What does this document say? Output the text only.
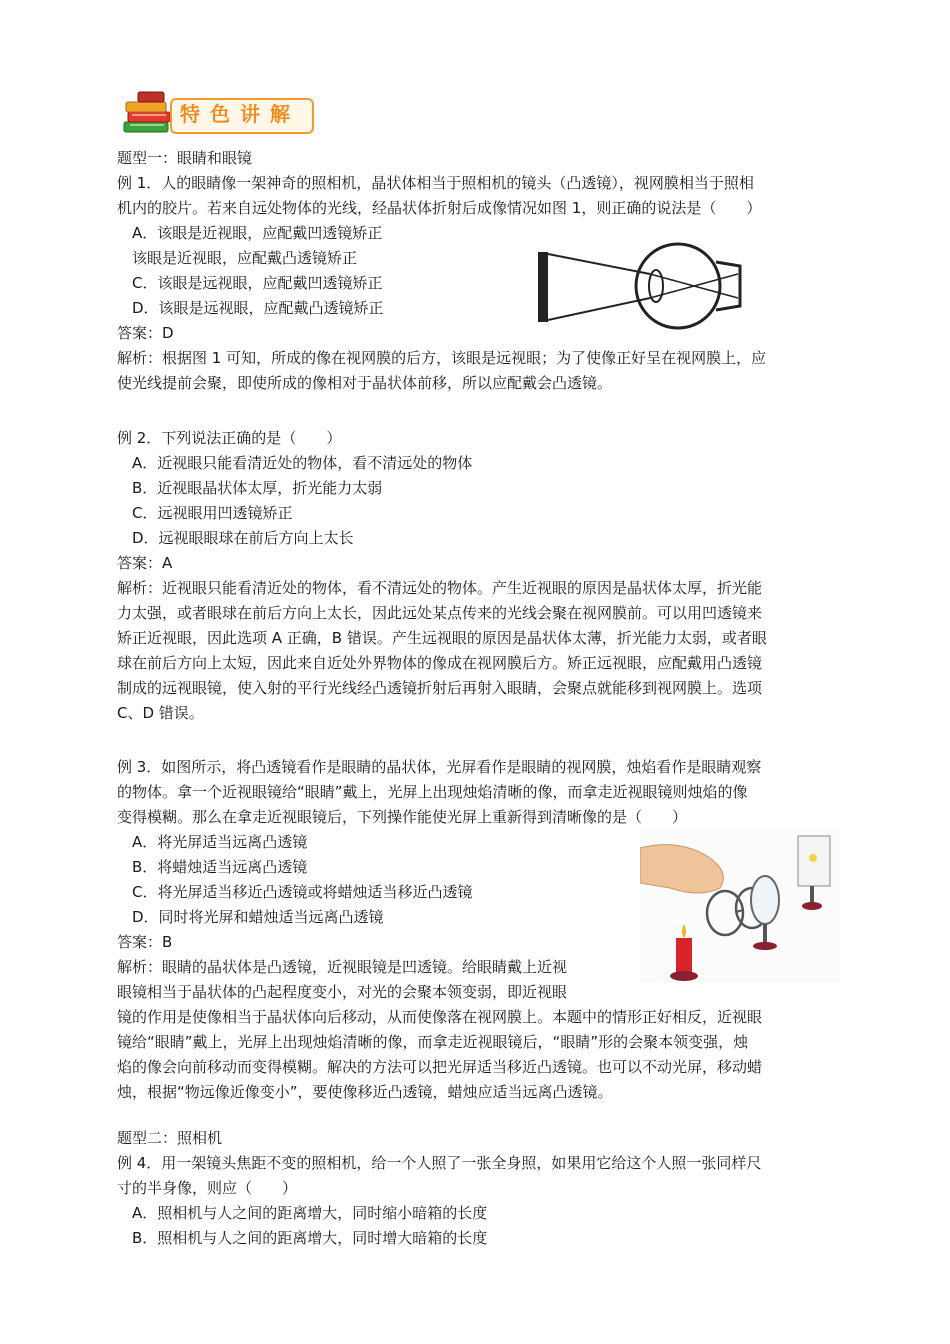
特色讲解
题型一：眼睛和眼镜
例 1．人的眼睛像一架神奇的照相机，晶状体相当于照相机的镜头（凸透镜），视网膜相当于照相
机内的胶片。若来自远处物体的光线，经晶状体折射后成像情况如图 1，则正确的说法是（　　）
A．该眼是近视眼，应配戴凹透镜矫正
该眼是近视眼，应配戴凸透镜矫正
C．该眼是远视眼，应配戴凹透镜矫正
D．该眼是远视眼，应配戴凸透镜矫正
答案：D
解析：根据图 1 可知，所成的像在视网膜的后方，该眼是远视眼；为了使像正好呈在视网膜上，应
使光线提前会聚，即使所成的像相对于晶状体前移，所以应配戴会凸透镜。
例 2．下列说法正确的是（　　）
A．近视眼只能看清近处的物体，看不清远处的物体
B．近视眼晶状体太厚，折光能力太弱
C．远视眼用凹透镜矫正
D．远视眼眼球在前后方向上太长
答案：A
解析：近视眼只能看清近处的物体，看不清远处的物体。产生近视眼的原因是晶状体太厚，折光能
力太强，或者眼球在前后方向上太长，因此远处某点传来的光线会聚在视网膜前。可以用凹透镜来
矫正近视眼，因此选项 A 正确，B 错误。产生远视眼的原因是晶状体太薄，折光能力太弱，或者眼
球在前后方向上太短，因此来自近处外界物体的像成在视网膜后方。矫正远视眼，应配戴用凸透镜
制成的远视眼镜，使入射的平行光线经凸透镜折射后再射入眼睛，会聚点就能移到视网膜上。选项
C、D 错误。
例 3．如图所示，将凸透镜看作是眼睛的晶状体，光屏看作是眼睛的视网膜，烛焰看作是眼睛观察
的物体。拿一个近视眼镜给“眼睛”戴上，光屏上出现烛焰清晰的像，而拿走近视眼镜则烛焰的像
变得模糊。那么在拿走近视眼镜后，下列操作能使光屏上重新得到清晰像的是（　　）
A．将光屏适当远离凸透镜
B．将蜡烛适当远离凸透镜
C．将光屏适当移近凸透镜或将蜡烛适当移近凸透镜
D．同时将光屏和蜡烛适当远离凸透镜
答案：B
解析：眼睛的晶状体是凸透镜，近视眼镜是凹透镜。给眼睛戴上近视
眼镜相当于晶状体的凸起程度变小，对光的会聚本领变弱，即近视眼
镜的作用是使像相当于晶状体向后移动，从而使像落在视网膜上。本题中的情形正好相反，近视眼
镜给“眼睛”戴上，光屏上出现烛焰清晰的像，而拿走近视眼镜后，“眼睛”形的会聚本领变强，烛
焰的像会向前移动而变得模糊。解决的方法可以把光屏适当移近凸透镜。也可以不动光屏，移动蜡
烛，根据“物远像近像变小”，要使像移近凸透镜，蜡烛应适当远离凸透镜。
题型二：照相机
例 4．用一架镜头焦距不变的照相机，给一个人照了一张全身照，如果用它给这个人照一张同样尺
寸的半身像，则应（　　）
A．照相机与人之间的距离增大，同时缩小暗箱的长度
B．照相机与人之间的距离增大，同时增大暗箱的长度
